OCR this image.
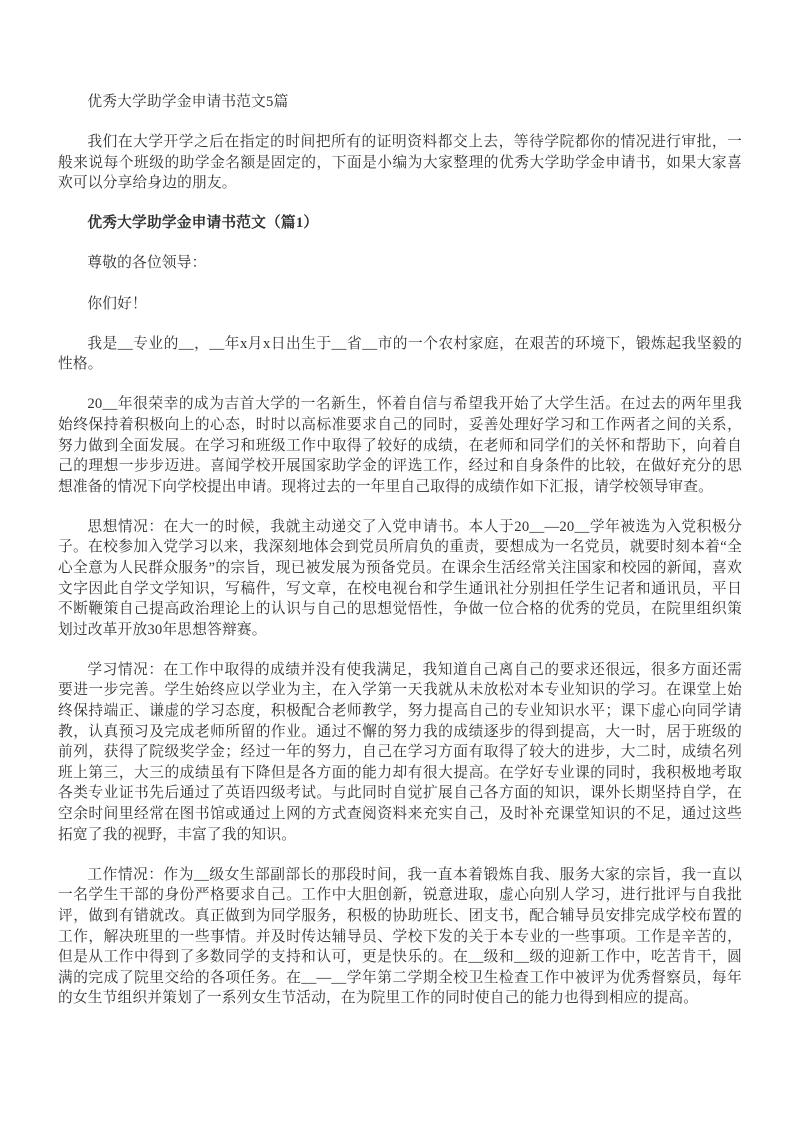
优秀大学助学金申请书范文5篇

我们在大学开学之后在指定的时间把所有的证明资料都交上去，等待学院都你的情况进行审批，一般来说每个班级的助学金名额是固定的，下面是小编为大家整理的优秀大学助学金申请书，如果大家喜欢可以分享给身边的朋友。

优秀大学助学金申请书范文（篇1）

尊敬的各位领导：

你们好！

我是__专业的__，__年x月x日出生于__省__市的一个农村家庭，在艰苦的环境下，锻炼起我坚毅的性格。

20__年很荣幸的成为吉首大学的一名新生，怀着自信与希望我开始了大学生活。在过去的两年里我始终保持着积极向上的心态，时时以高标准要求自己的同时，妥善处理好学习和工作两者之间的关系，努力做到全面发展。在学习和班级工作中取得了较好的成绩，在老师和同学们的关怀和帮助下，向着自己的理想一步步迈进。喜闻学校开展国家助学金的评选工作，经过和自身条件的比较，在做好充分的思想准备的情况下向学校提出申请。现将过去的一年里自己取得的成绩作如下汇报，请学校领导审查。

思想情况：在大一的时候，我就主动递交了入党申请书。本人于20__—20__学年被选为入党积极分子。在校参加入党学习以来，我深刻地体会到党员所肩负的重责，要想成为一名党员，就要时刻本着“全心全意为人民群众服务”的宗旨，现已被发展为预备党员。在课余生活经常关注国家和校园的新闻，喜欢文字因此自学文学知识，写稿件，写文章，在校电视台和学生通讯社分别担任学生记者和通讯员，平日不断鞭策自己提高政治理论上的认识与自己的思想觉悟性，争做一位合格的优秀的党员，在院里组织策划过改革开放30年思想答辩赛。

学习情况：在工作中取得的成绩并没有使我满足，我知道自己离自己的要求还很远，很多方面还需要进一步完善。学生始终应以学业为主，在入学第一天我就从未放松对本专业知识的学习。在课堂上始终保持端正、谦虚的学习态度，积极配合老师教学，努力提高自己的专业知识水平；课下虚心向同学请教，认真预习及完成老师所留的作业。通过不懈的努力我的成绩逐步的得到提高，大一时，居于班级的前列，获得了院级奖学金；经过一年的努力，自己在学习方面有取得了较大的进步，大二时，成绩名列班上第三，大三的成绩虽有下降但是各方面的能力却有很大提高。在学好专业课的同时，我积极地考取各类专业证书先后通过了英语四级考试。与此同时自觉扩展自己各方面的知识，课外长期坚持自学，在空余时间里经常在图书馆或通过上网的方式查阅资料来充实自己，及时补充课堂知识的不足，通过这些拓宽了我的视野，丰富了我的知识。

工作情况：作为__级女生部副部长的那段时间，我一直本着锻炼自我、服务大家的宗旨，我一直以一名学生干部的身份严格要求自己。工作中大胆创新，锐意进取，虚心向别人学习，进行批评与自我批评，做到有错就改。真正做到为同学服务，积极的协助班长、团支书，配合辅导员安排完成学校布置的工作，解决班里的一些事情。并及时传达辅导员、学校下发的关于本专业的一些事项。工作是辛苦的，但是从工作中得到了多数同学的支持和认可，更是快乐的。在__级和__级的迎新工作中，吃苦肯干，圆满的完成了院里交给的各项任务。在__—__学年第二学期全校卫生检查工作中被评为优秀督察员，每年的女生节组织并策划了一系列女生节活动，在为院里工作的同时使自己的能力也得到相应的提高。
